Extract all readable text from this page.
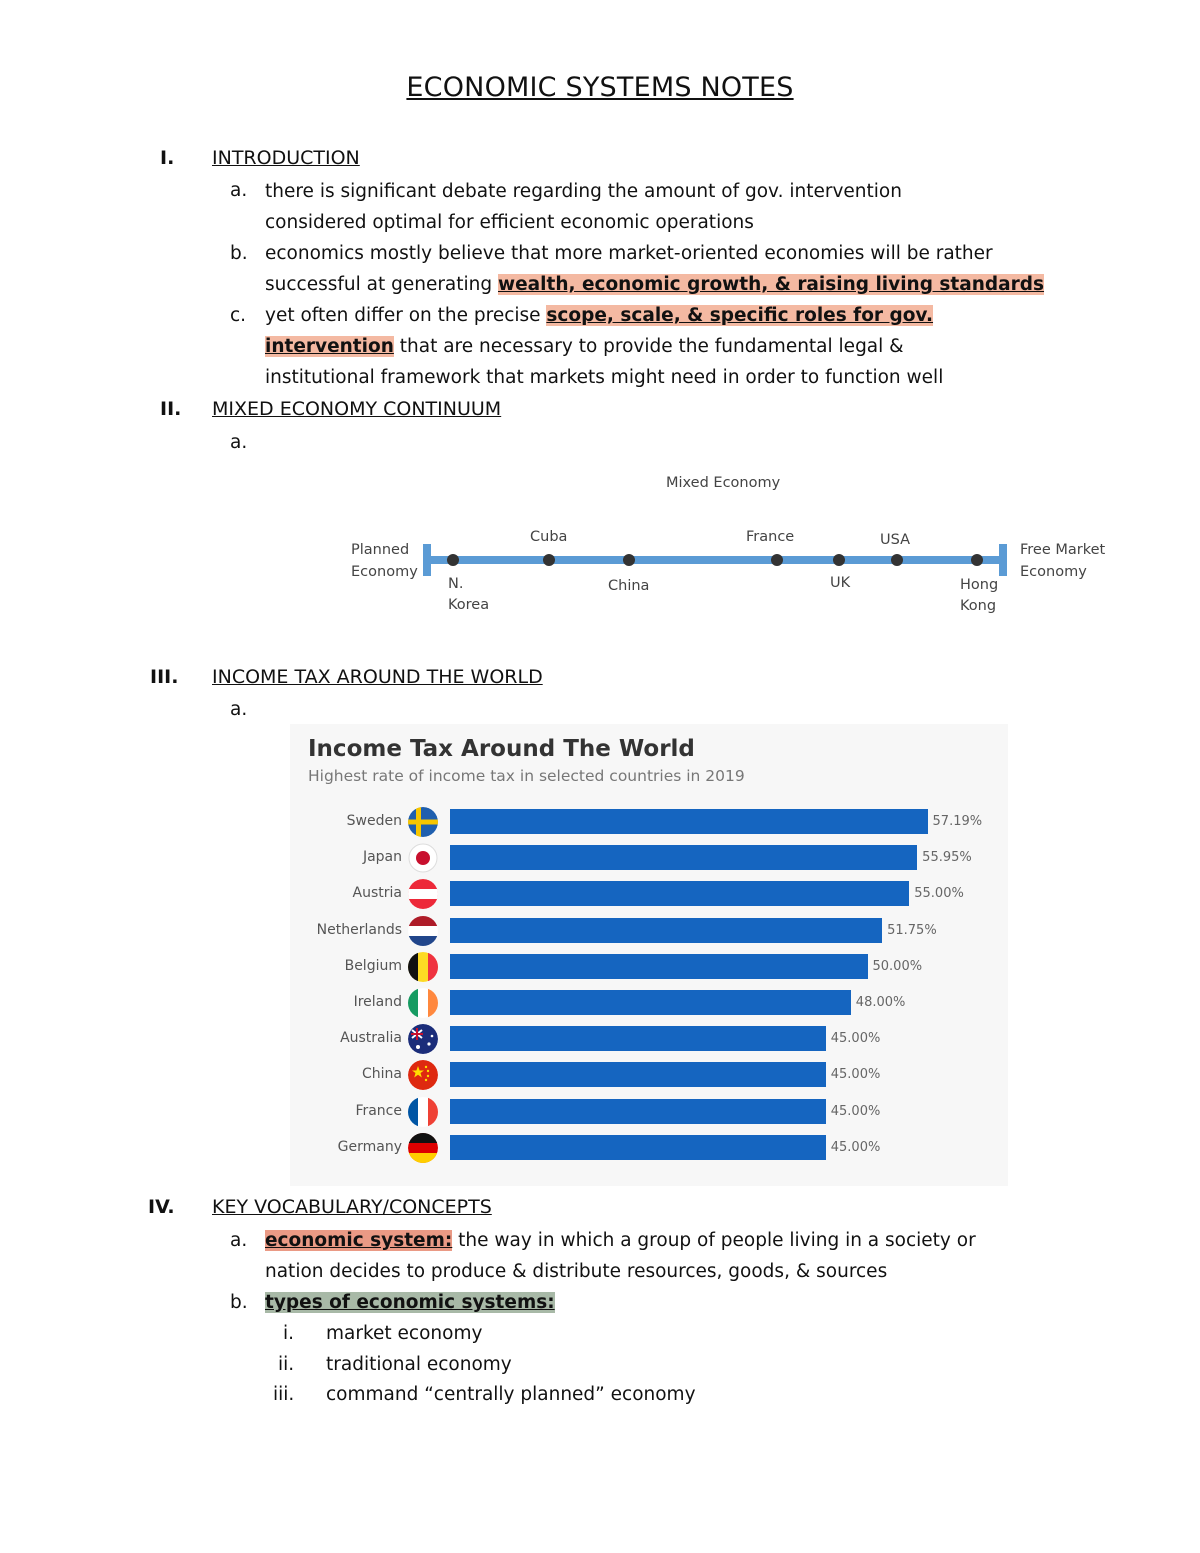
ECONOMIC SYSTEMS NOTES
I. INTRODUCTION
a. there is significant debate regarding the amount of gov. intervention
considered optimal for efficient economic operations
b. economics mostly believe that more market-oriented economies will be rather
successful at generating wealth, economic growth, & raising living standards
c. yet often differ on the precise scope, scale, & specific roles for gov.
intervention that are necessary to provide the fundamental legal &
institutional framework that markets might need in order to function well
II. MIXED ECONOMY CONTINUUM
a.
Mixed Economy
Planned
Economy
Free Market
Economy
N.
Korea
Cuba
China
France
UK
USA
Hong
Kong
III. INCOME TAX AROUND THE WORLD
a.
Income Tax Around The World
Highest rate of income tax in selected countries in 2019
Sweden	57.19%
Japan	55.95%
Austria	55.00%
Netherlands	51.75%
Belgium	50.00%
Ireland	48.00%
Australia	45.00%
China	45.00%
France	45.00%
Germany	45.00%
IV. KEY VOCABULARY/CONCEPTS
a. economic system: the way in which a group of people living in a society or
nation decides to produce & distribute resources, goods, & sources
b. types of economic systems:
i. market economy
ii. traditional economy
iii. command “centrally planned” economy
